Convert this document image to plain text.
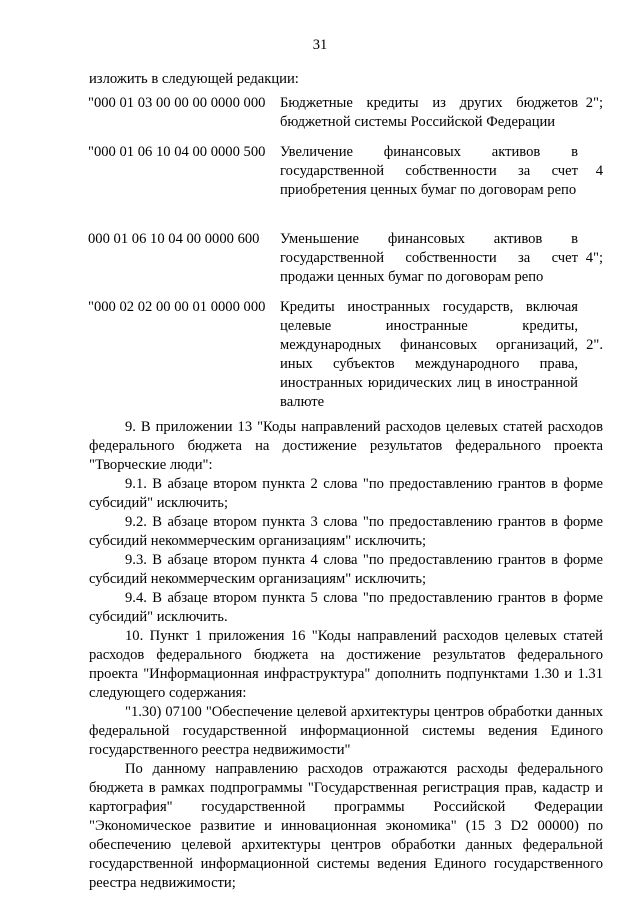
31
изложить в следующей редакции:
"000 01 03 00 00 00 0000 000 Бюджетные кредиты из других бюджетов бюджетной системы Российской Федерации
2";
"000 01 06 10 04 00 0000 500 Увеличение финансовых активов в государственной собственности за счет приобретения ценных бумаг по договорам репо
4
000 01 06 10 04 00 0000 600 Уменьшение финансовых активов в государственной собственности за счет продажи ценных бумаг по договорам репо
4";
"000 02 02 00 00 01 0000 000 Кредиты иностранных государств, включая целевые иностранные кредиты, международных финансовых организаций, иных субъектов международного права, иностранных юридических лиц в иностранной валюте
2".

9. В приложении 13 "Коды направлений расходов целевых статей расходов федерального бюджета на достижение результатов федерального проекта "Творческие люди":

9.1. В абзаце втором пункта 2 слова "по предоставлению грантов в форме субсидий" исключить;

9.2. В абзаце втором пункта 3 слова "по предоставлению грантов в форме субсидий некоммерческим организациям" исключить;

9.3. В абзаце втором пункта 4 слова "по предоставлению грантов в форме субсидий некоммерческим организациям" исключить;

9.4. В абзаце втором пункта 5 слова "по предоставлению грантов в форме субсидий" исключить.

10. Пункт 1 приложения 16 "Коды направлений расходов целевых статей расходов федерального бюджета на достижение результатов федерального проекта "Информационная инфраструктура" дополнить подпунктами 1.30 и 1.31 следующего содержания:

"1.30) 07100 "Обеспечение целевой архитектуры центров обработки данных федеральной государственной информационной системы ведения Единого государственного реестра недвижимости"

По данному направлению расходов отражаются расходы федерального бюджета в рамках подпрограммы "Государственная регистрация прав, кадастр и картография" государственной программы Российской Федерации "Экономическое развитие и инновационная экономика" (15 3 D2 00000) по обеспечению целевой архитектуры центров обработки данных федеральной государственной информационной системы ведения Единого государственного реестра недвижимости;
